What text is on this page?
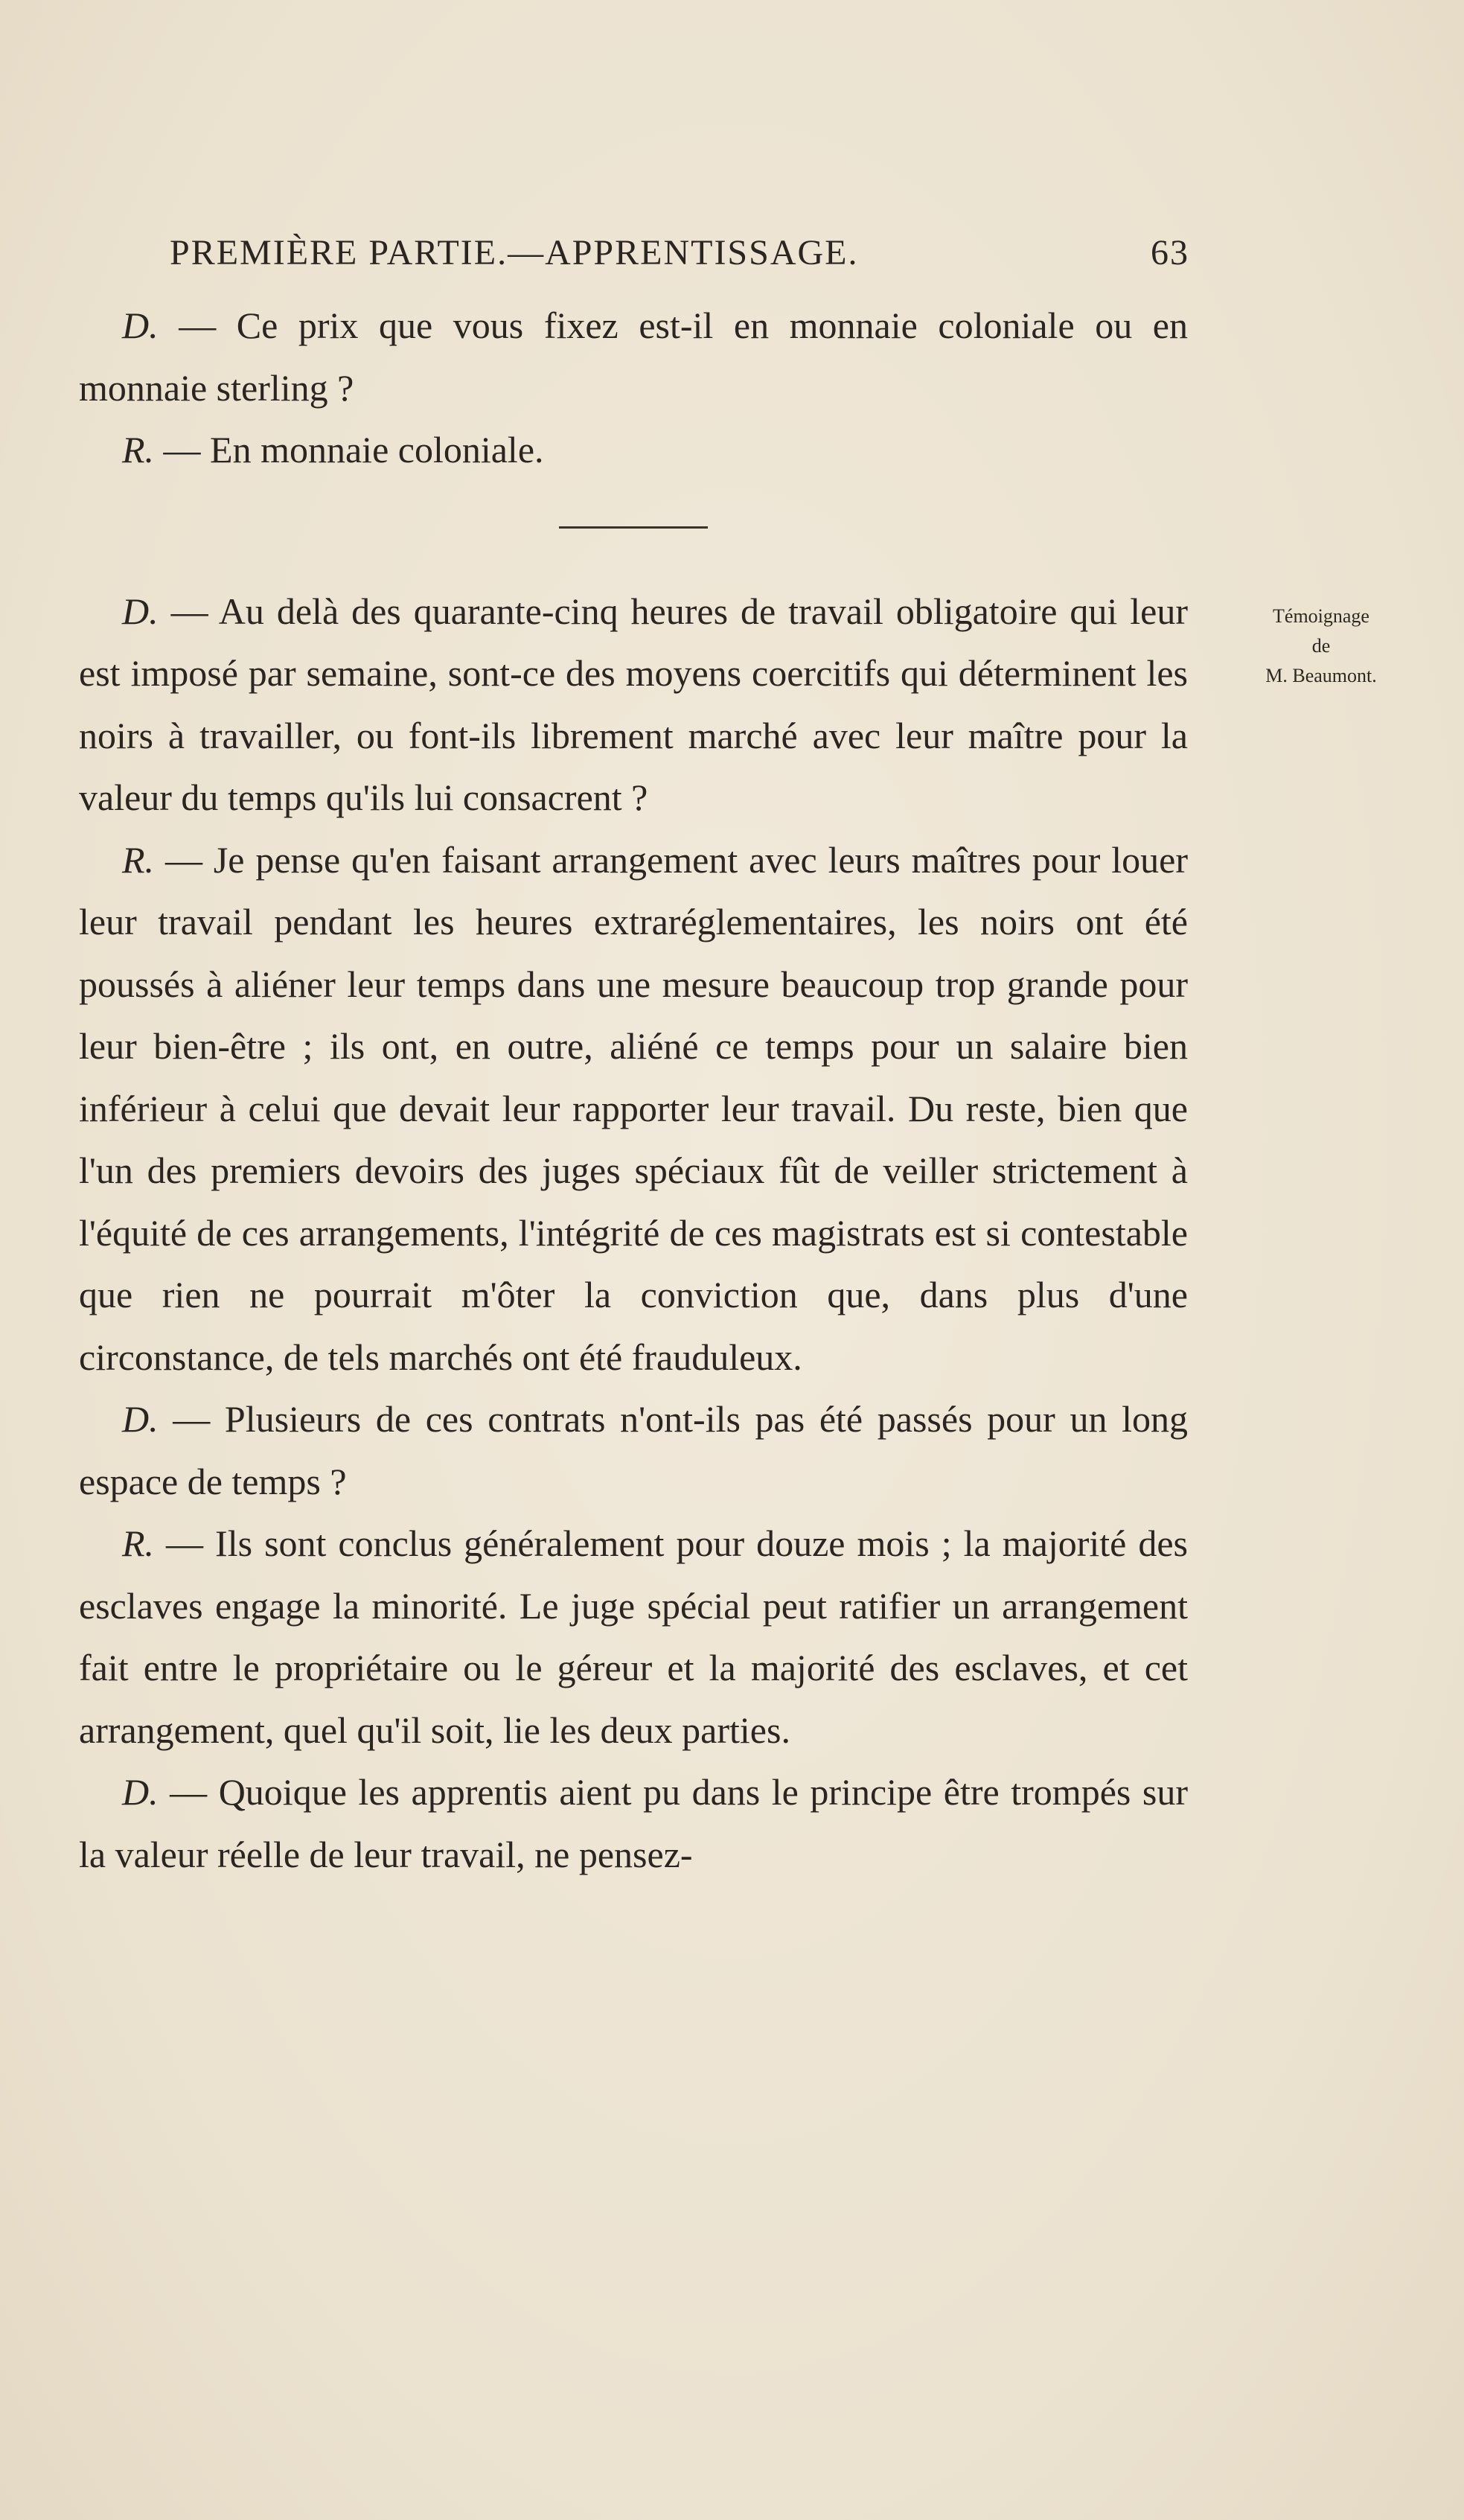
PREMIÈRE PARTIE.—APPRENTISSAGE.	63

D. — Ce prix que vous fixez est-il en monnaie coloniale ou en monnaie sterling ?

R. — En monnaie coloniale.

D. — Au delà des quarante-cinq heures de travail obligatoire qui leur est imposé par semaine, sont-ce des moyens coercitifs qui déterminent les noirs à travailler, ou font-ils librement marché avec leur maître pour la valeur du temps qu'ils lui consacrent ?

R. — Je pense qu'en faisant arrangement avec leurs maîtres pour louer leur travail pendant les heures extraréglementaires, les noirs ont été poussés à aliéner leur temps dans une mesure beaucoup trop grande pour leur bien-être ; ils ont, en outre, aliéné ce temps pour un salaire bien inférieur à celui que devait leur rapporter leur travail. Du reste, bien que l'un des premiers devoirs des juges spéciaux fût de veiller strictement à l'équité de ces arrangements, l'intégrité de ces magistrats est si contestable que rien ne pourrait m'ôter la conviction que, dans plus d'une circonstance, de tels marchés ont été frauduleux.

D. — Plusieurs de ces contrats n'ont-ils pas été passés pour un long espace de temps ?

R. — Ils sont conclus généralement pour douze mois ; la majorité des esclaves engage la minorité. Le juge spécial peut ratifier un arrangement fait entre le propriétaire ou le géreur et la majorité des esclaves, et cet arrangement, quel qu'il soit, lie les deux parties.

D. — Quoique les apprentis aient pu dans le principe être trompés sur la valeur réelle de leur travail, ne pensez-

Témoignage
de
M. Beaumont.
